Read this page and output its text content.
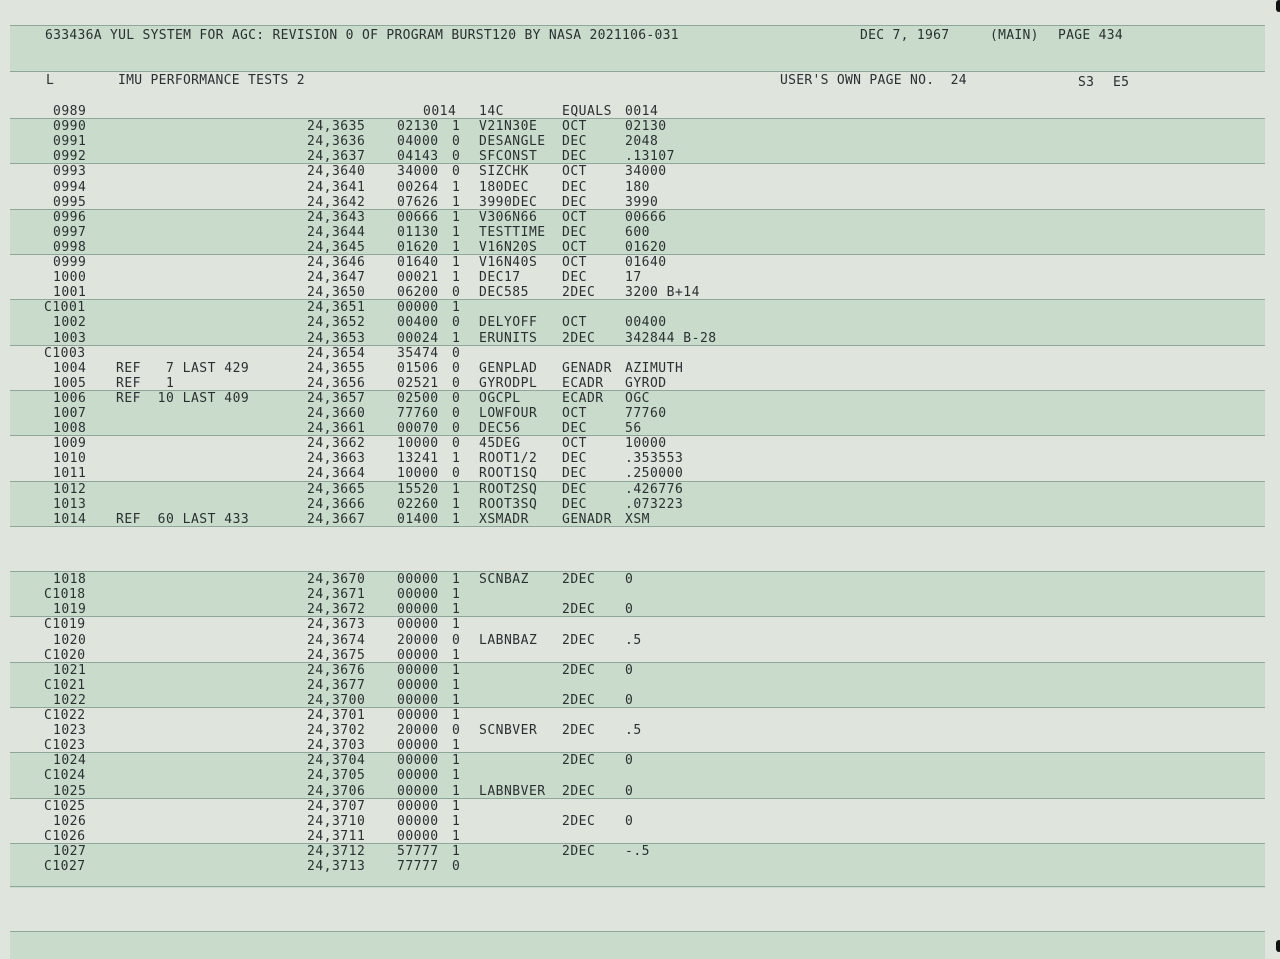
633436A YUL SYSTEM FOR AGC: REVISION 0 OF PROGRAM BURST120 BY NASA 2021106-031	DEC 7, 1967	(MAIN) PAGE 434
L	IMU PERFORMANCE TESTS 2	USER'S OWN PAGE NO.  24	S3 E5
0989	0014 14C	EQUALS 0014
0990	24,3635 02130 1 V21N30E OCT	02130
0991	24,3636 04000 0 DESANGLE DEC	2048
0992	24,3637 04143 0 SFCONST DEC	.13107
0993	24,3640 34000 0 SIZCHK	OCT	34000
0994	24,3641 00264 1 180DEC	DEC	180
0995	24,3642 07626 1 3990DEC DEC	3990
0996	24,3643 00666 1 V306N66 OCT	00666
0997	24,3644 01130 1 TESTTIME DEC	600
0998	24,3645 01620 1 V16N20S OCT	01620
0999	24,3646 01640 1 V16N40S OCT	01640
1000	24,3647 00021 1 DEC17	DEC	17
1001	24,3650 06200 0 DEC585	2DEC 3200 B+14
C1001	24,3651 00000 1
1002	24,3652 00400 0 DELYOFF OCT	00400
1003	24,3653 00024 1 ERUNITS 2DEC 342844 B-28
C1003	24,3654 35474 0
1004 REF   7 LAST 429	24,3655 01506 0 GENPLAD GENADR AZIMUTH
1005 REF   1	24,3656 02521 0 GYRODPL ECADR GYROD
1006 REF  10 LAST 409	24,3657 02500 0 OGCPL	ECADR OGC
1007	24,3660 77760 0 LOWFOUR OCT	77760
1008	24,3661 00070 0 DEC56	DEC	56
1009	24,3662 10000 0 45DEG	OCT	10000
1010	24,3663 13241 1 ROOT1/2 DEC	.353553
1011	24,3664 10000 0 ROOT1SQ DEC	.250000
1012	24,3665 15520 1 ROOT2SQ DEC	.426776
1013	24,3666 02260 1 ROOT3SQ DEC	.073223
1014 REF  60 LAST 433	24,3667 01400 1 XSMADR	GENADR XSM
1018	24,3670 00000 1 SCNBAZ	2DEC 0
C1018	24,3671 00000 1
1019	24,3672 00000 1	2DEC 0
C1019	24,3673 00000 1
1020	24,3674 20000 0 LABNBAZ 2DEC .5
C1020	24,3675 00000 1
1021	24,3676 00000 1	2DEC 0
C1021	24,3677 00000 1
1022	24,3700 00000 1	2DEC 0
C1022	24,3701 00000 1
1023	24,3702 20000 0 SCNBVER 2DEC .5
C1023	24,3703 00000 1
1024	24,3704 00000 1	2DEC 0
C1024	24,3705 00000 1
1025	24,3706 00000 1 LABNBVER 2DEC 0
C1025	24,3707 00000 1
1026	24,3710 00000 1	2DEC 0
C1026	24,3711 00000 1
1027	24,3712 57777 1	2DEC -.5
C1027	24,3713 77777 0
